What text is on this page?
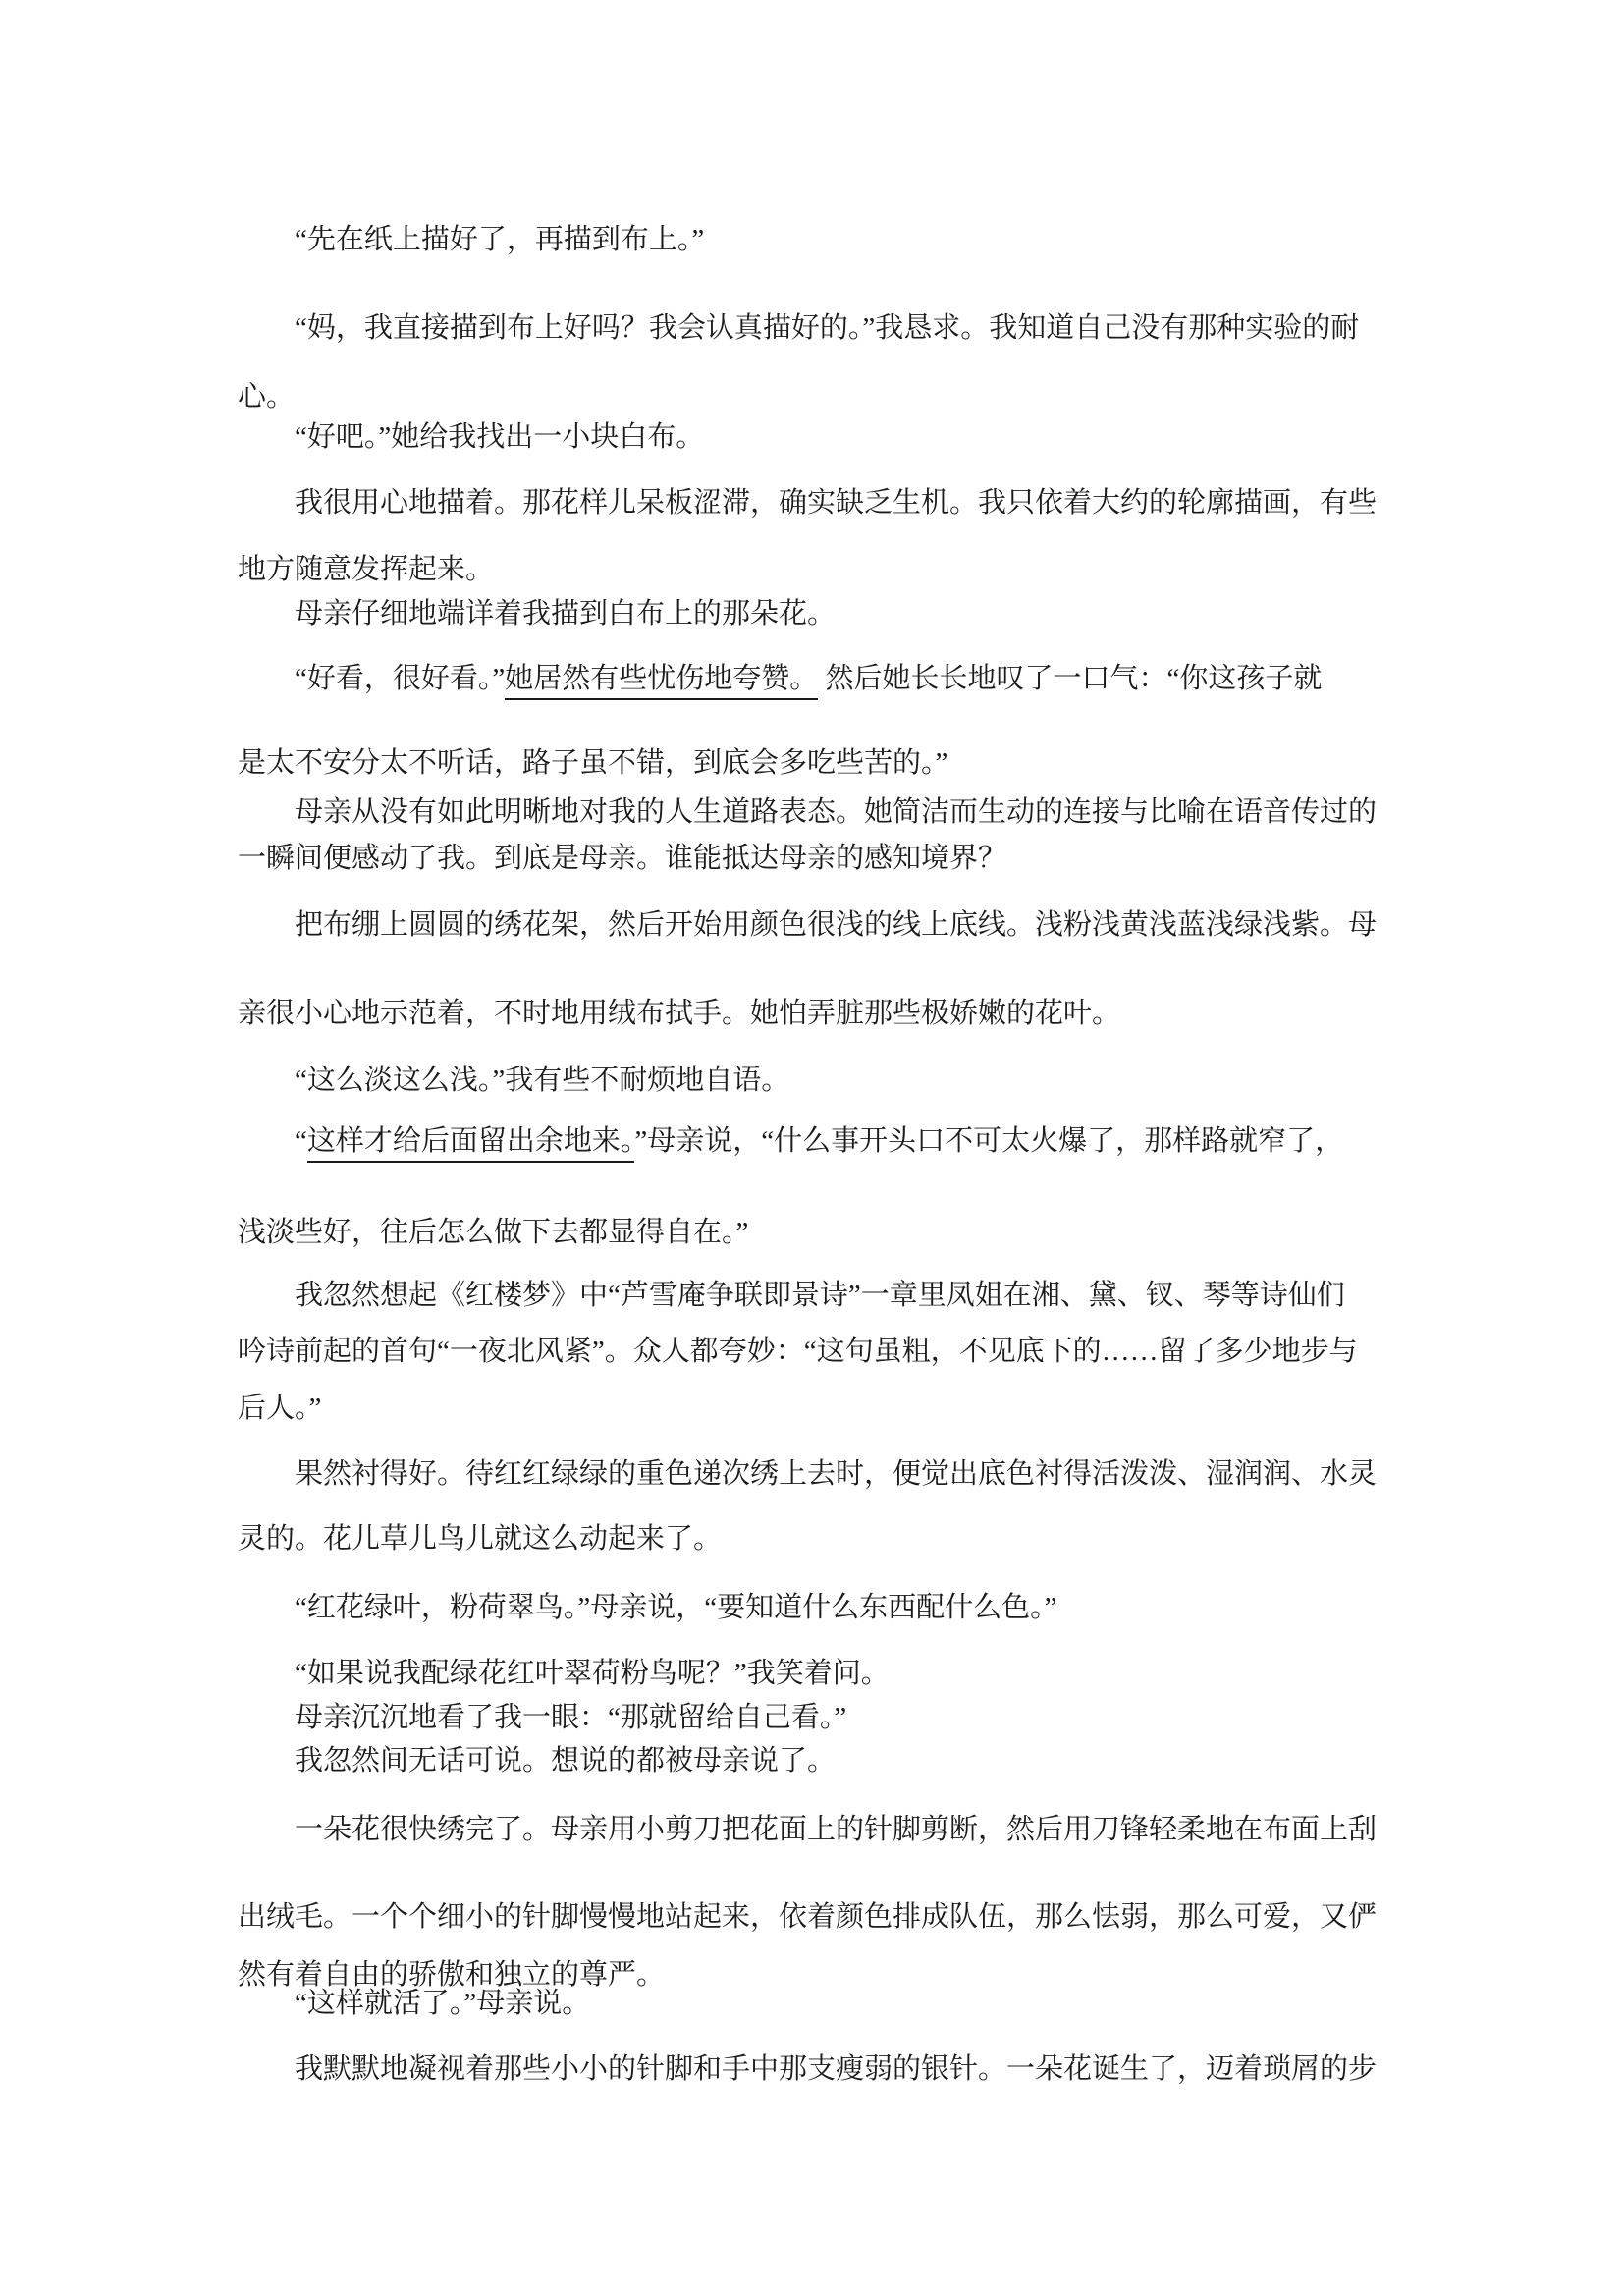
“先在纸上描好了，再描到布上。”
“妈，我直接描到布上好吗？我会认真描好的。”我恳求。我知道自己没有那种实验的耐
心。
“好吧。”她给我找出一小块白布。
我很用心地描着。那花样儿呆板涩滞，确实缺乏生机。我只依着大约的轮廓描画，有些
地方随意发挥起来。
母亲仔细地端详着我描到白布上的那朵花。
“好看，很好看。”她居然有些忧伤地夸赞。 然后她长长地叹了一口气：“你这孩子就
是太不安分太不听话，路子虽不错，到底会多吃些苦的。”
母亲从没有如此明晰地对我的人生道路表态。她简洁而生动的连接与比喻在语音传过的
一瞬间便感动了我。到底是母亲。谁能抵达母亲的感知境界？
把布绷上圆圆的绣花架，然后开始用颜色很浅的线上底线。浅粉浅黄浅蓝浅绿浅紫。母
亲很小心地示范着，不时地用绒布拭手。她怕弄脏那些极娇嫩的花叶。
“这么淡这么浅。”我有些不耐烦地自语。
“这样才给后面留出余地来。”母亲说，“什么事开头口不可太火爆了，那样路就窄了，
浅淡些好，往后怎么做下去都显得自在。”
我忽然想起《红楼梦》中“芦雪庵争联即景诗”一章里凤姐在湘、黛、钗、琴等诗仙们
吟诗前起的首句“一夜北风紧”。众人都夸妙：“这句虽粗，不见底下的……留了多少地步与
后人。”
果然衬得好。待红红绿绿的重色递次绣上去时，便觉出底色衬得活泼泼、湿润润、水灵
灵的。花儿草儿鸟儿就这么动起来了。
“红花绿叶，粉荷翠鸟。”母亲说，“要知道什么东西配什么色。”
“如果说我配绿花红叶翠荷粉鸟呢？”我笑着问。
母亲沉沉地看了我一眼：“那就留给自己看。”
我忽然间无话可说。想说的都被母亲说了。
一朵花很快绣完了。母亲用小剪刀把花面上的针脚剪断，然后用刀锋轻柔地在布面上刮
出绒毛。一个个细小的针脚慢慢地站起来，依着颜色排成队伍，那么怯弱，那么可爱，又俨
然有着自由的骄傲和独立的尊严。
“这样就活了。”母亲说。
我默默地凝视着那些小小的针脚和手中那支瘦弱的银针。一朵花诞生了，迈着琐屑的步
